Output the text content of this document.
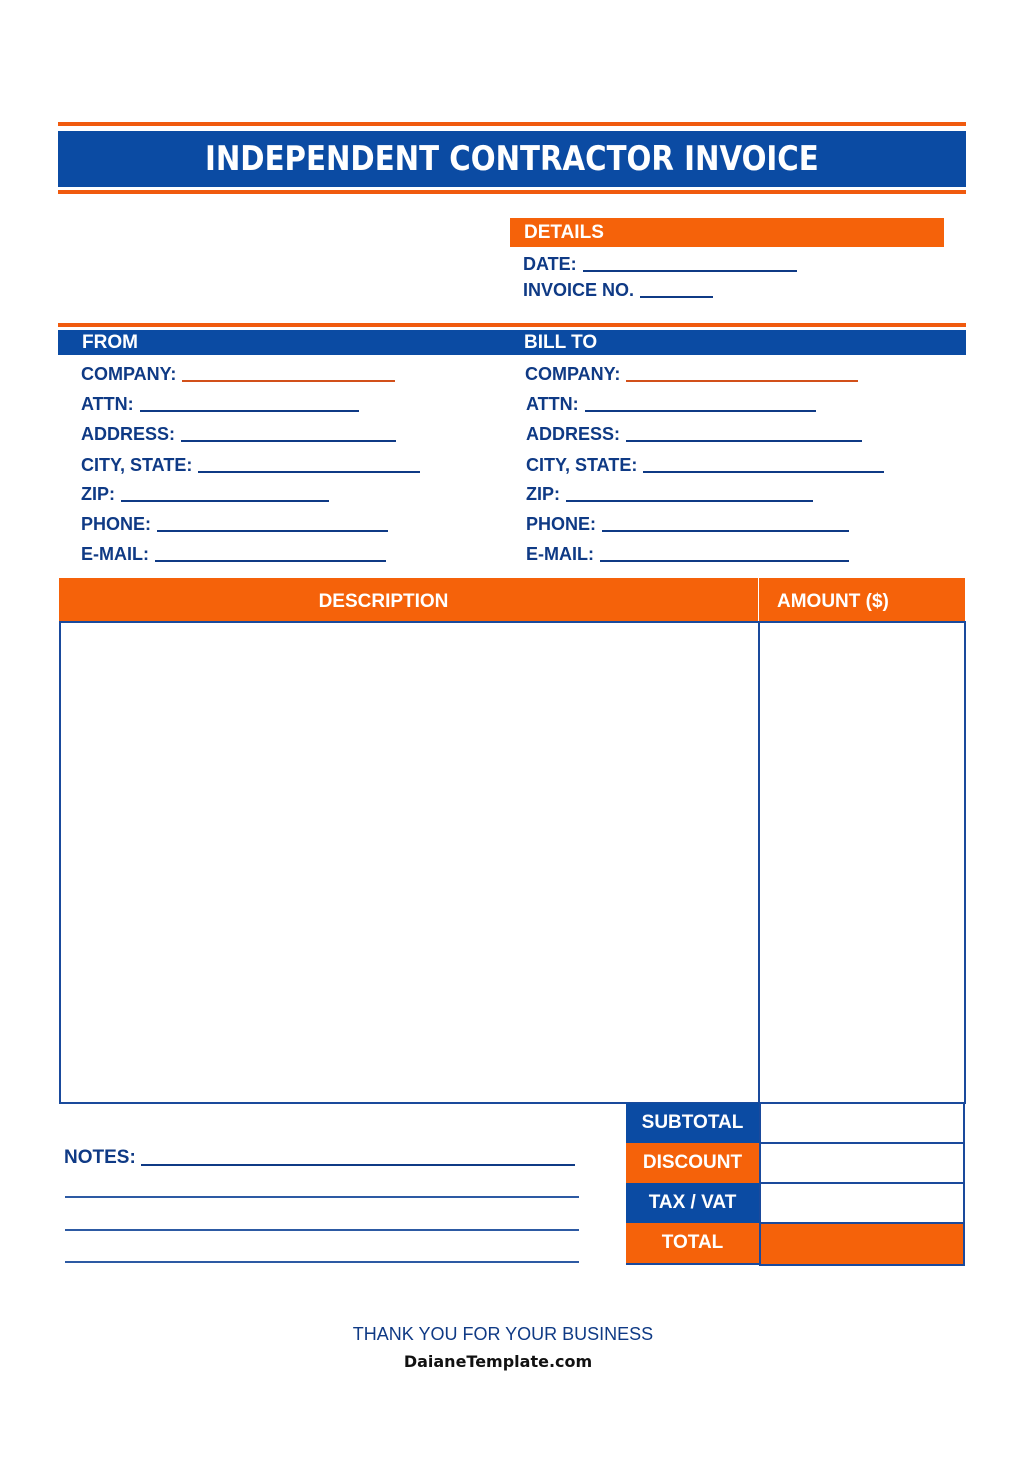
INDEPENDENT CONTRACTOR INVOICE
DETAILS
DATE:
INVOICE NO.
FROM	BILL TO
COMPANY:
ATTN:
ADDRESS:
CITY, STATE:
ZIP:
PHONE:
E-MAIL:
COMPANY:
ATTN:
ADDRESS:
CITY, STATE:
ZIP:
PHONE:
E-MAIL:
DESCRIPTION	AMOUNT ($)
SUBTOTAL
DISCOUNT
TAX / VAT
TOTAL
NOTES:
THANK YOU FOR YOUR BUSINESS
DaianeTemplate.com
